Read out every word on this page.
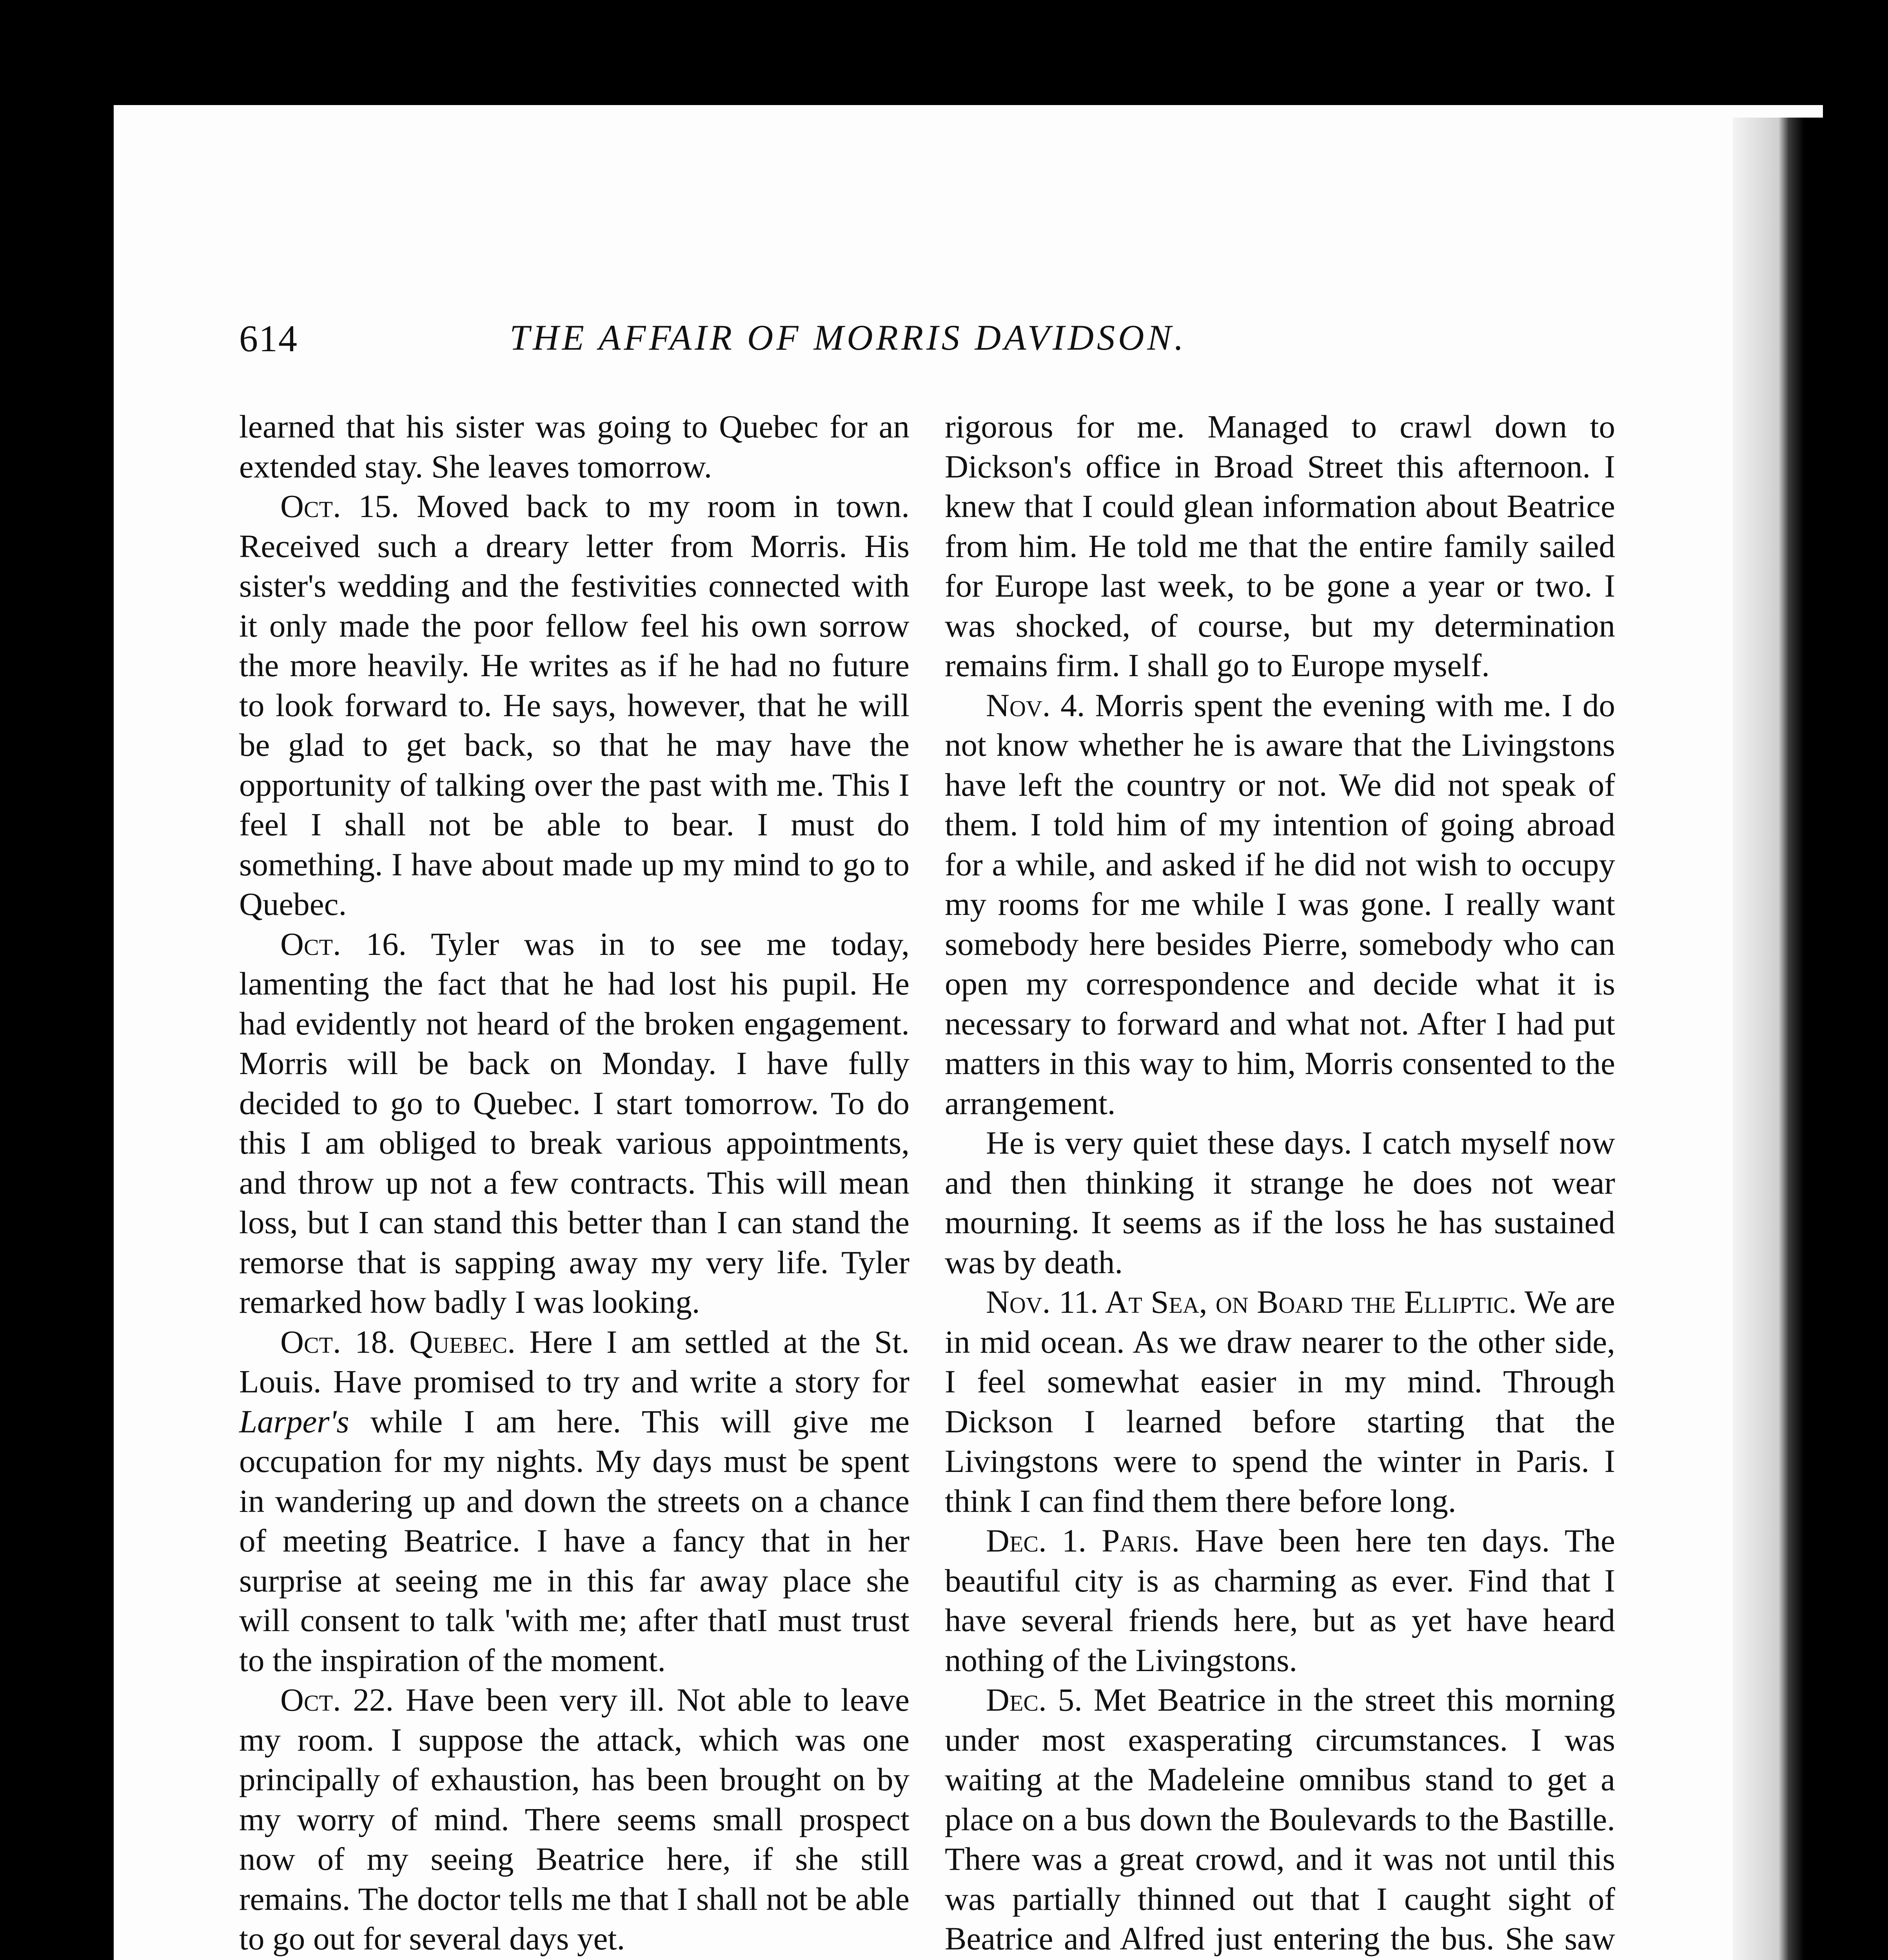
614	THE AFFAIR OF MORRIS DAVIDSON.

learned that his sister was going to Quebec for an extended stay. She leaves tomorrow.

Oct. 15. Moved back to my room in town. Received such a dreary letter from Morris. His sister's wedding and the festivities connected with it only made the poor fellow feel his own sorrow the more heavily. He writes as if he had no future to look forward to. He says, however, that he will be glad to get back, so that he may have the opportunity of talking over the past with me. This I feel I shall not be able to bear. I must do something. I have about made up my mind to go to Quebec.

Oct. 16. Tyler was in to see me today, lamenting the fact that he had lost his pupil. He had evidently not heard of the broken engagement. Morris will be back on Monday. I have fully decided to go to Quebec. I start tomorrow. To do this I am obliged to break various appointments, and throw up not a few contracts. This will mean loss, but I can stand this better than I can stand the remorse that is sapping away my very life. Tyler remarked how badly I was looking.

Oct. 18. Quebec. Here I am settled at the St. Louis. Have promised to try and write a story for Larper's while I am here. This will give me occupation for my nights. My days must be spent in wandering up and down the streets on a chance of meeting Beatrice. I have a fancy that in her surprise at seeing me in this far away place she will consent to talk 'with me; after thatI must trust to the inspiration of the moment.

Oct. 22. Have been very ill. Not able to leave my room. I suppose the attack, which was one principally of exhaustion, has been brought on by my worry of mind. There seems small prospect now of my seeing Beatrice here, if she still remains. The doctor tells me that I shall not be able to go out for several days yet.

rigorous for me. Managed to crawl down to Dickson's office in Broad Street this afternoon. I knew that I could glean information about Beatrice from him. He told me that the entire family sailed for Europe last week, to be gone a year or two. I was shocked, of course, but my determination remains firm. I shall go to Europe myself.

Nov. 4. Morris spent the evening with me. I do not know whether he is aware that the Livingstons have left the country or not. We did not speak of them. I told him of my intention of going abroad for a while, and asked if he did not wish to occupy my rooms for me while I was gone. I really want somebody here besides Pierre, somebody who can open my correspondence and decide what it is necessary to forward and what not. After I had put matters in this way to him, Morris consented to the arrangement.

He is very quiet these days. I catch myself now and then thinking it strange he does not wear mourning. It seems as if the loss he has sustained was by death.

Nov. 11. At Sea, on Board the Elliptic. We are in mid ocean. As we draw nearer to the other side, I feel somewhat easier in my mind. Through Dickson I learned before starting that the Livingstons were to spend the winter in Paris. I think I can find them there before long.

Dec. 1. Paris. Have been here ten days. The beautiful city is as charming as ever. Find that I have several friends here, but as yet have heard nothing of the Livingstons.

Dec. 5. Met Beatrice in the street this morning under most exasperating circumstances. I was waiting at the Madeleine omnibus stand to get a place on a bus down the Boulevards to the Bastille. There was a great crowd, and it was not until this was partially thinned out that I caught sight of Beatrice and Alfred just entering the bus. She saw
